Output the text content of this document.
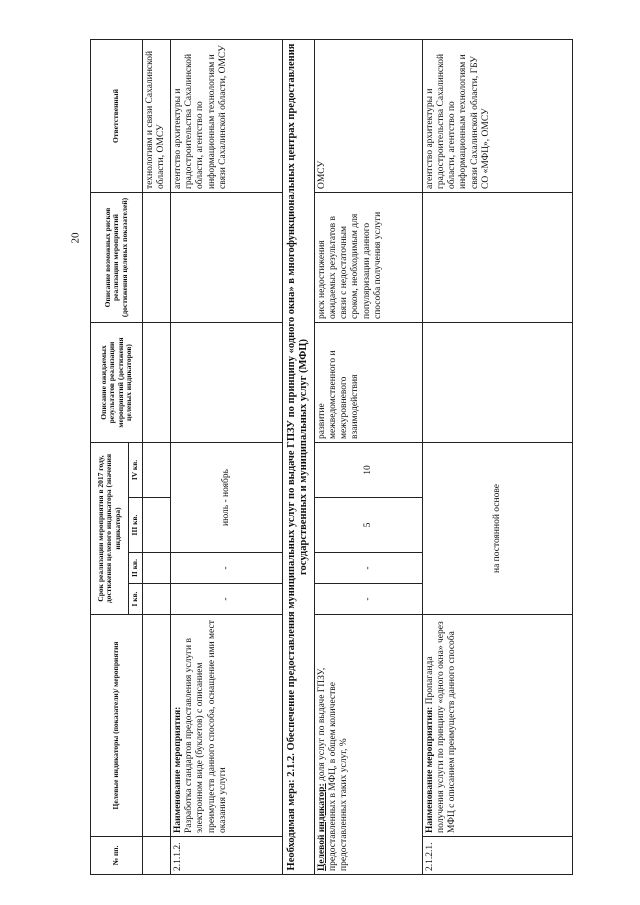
20
№ пп.	Целевые индикаторы (показатели)/ мероприятия	Срок реализации мероприятия в 2017 году, достижения целевого индикатора (значения индикатора)				Описание ожидаемых результатов реализации мероприятий (достижения целевых индикаторов)	Описание возможных рисков реализации мероприятий (достижения целевых показателей)	Ответственный
		I кв.	II кв.	III кв.	IV кв.			
								технологиям и связи Сахалинской области, ОМСУ
2.1.1.2.	Наименование мероприятия: Разработка стандартов предоставления услуги в электронном виде (буклетов) с описанием преимуществ данного способа, оснащение ими мест оказания услуги	-	-	июль - ноябрь				агентство архитектуры и градостроительства Сахалинской области, агентство по информационным технологиям и связи Сахалинской области, ОМСУ
Необходимая мера: 2.1.2. Обеспечение предоставления муниципальных услуг по выдаче ГПЗУ по принципу «одного окна» в многофункциональных центрах предоставления государственных и муниципальных услуг (МФЦ)								
Целевой индикатор: доля услуг по выдаче ГПЗУ, предоставленных в МФЦ, в общем количестве предоставленных таких услуг, %		-	-	5	10	развитие межведомственного и межуровневого взаимодействия	риск недостижения ожидаемых результатов в связи с недостаточным сроком, необходимым для популяризации данного способа получения услуги	ОМСУ
2.1.2.1.	Наименование мероприятия: Пропаганда получения услуги по принципу «одного окна» через МФЦ с описанием преимуществ данного способа	на постоянной основе						агентство архитектуры и градостроительства Сахалинской области, агентство по информационным технологиям и связи Сахалинской области, ГБУ СО «МФЦ», ОМСУ
